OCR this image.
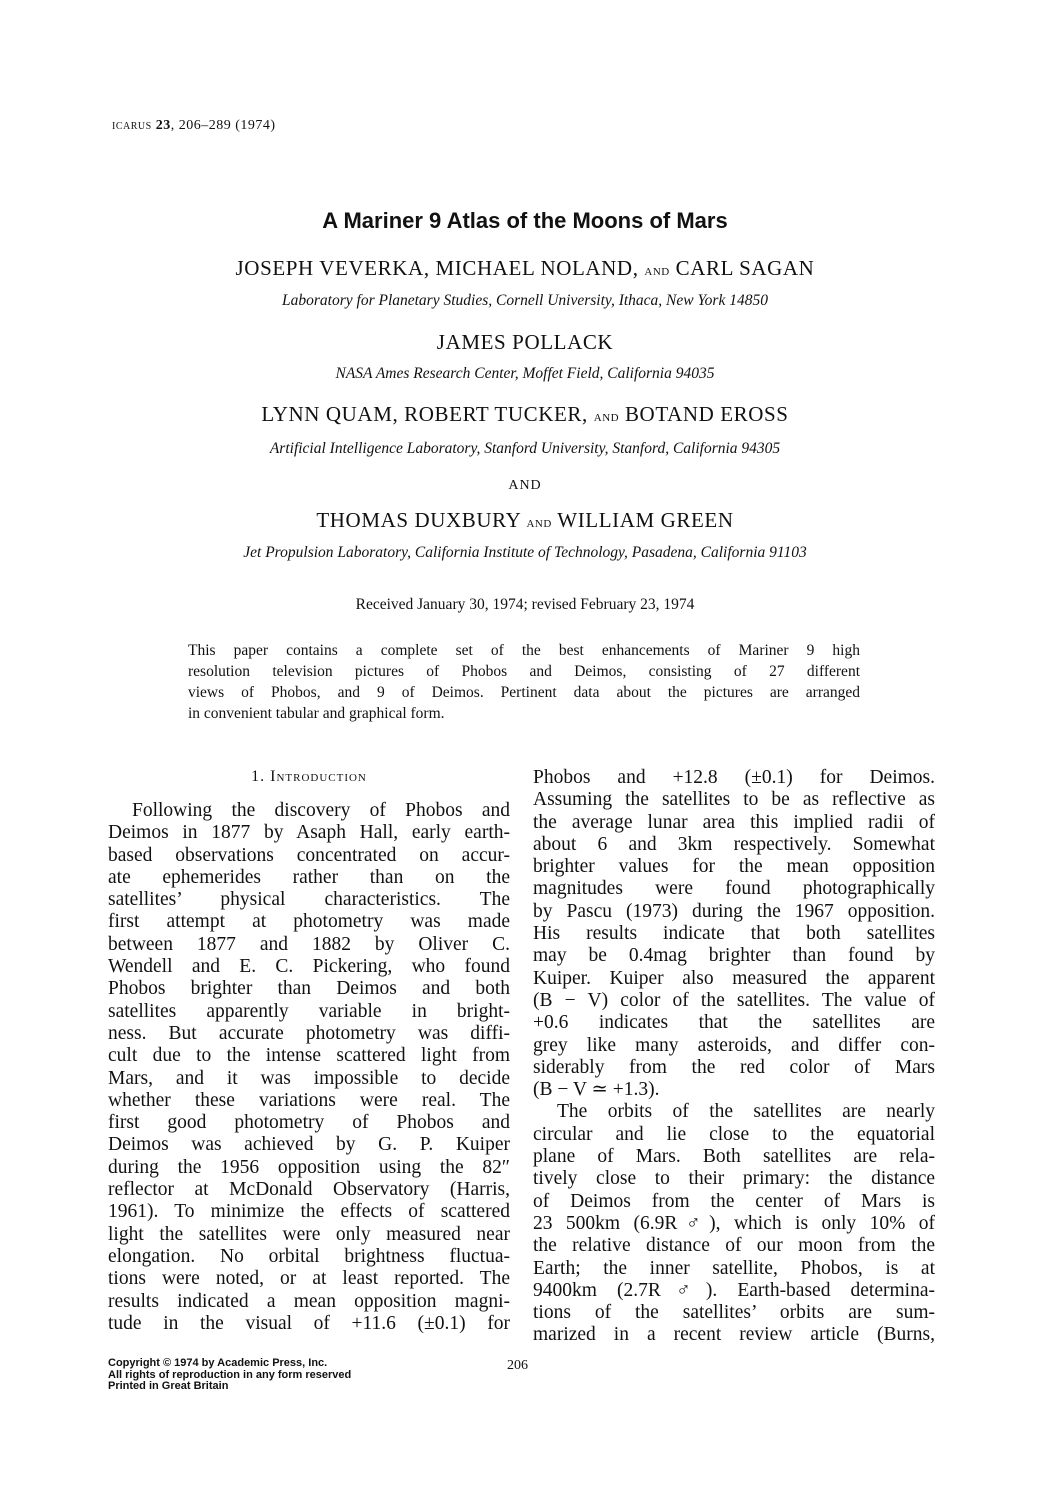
icarus 23, 206–289 (1974)
A Mariner 9 Atlas of the Moons of Mars
JOSEPH VEVERKA, MICHAEL NOLAND, and CARL SAGAN
Laboratory for Planetary Studies, Cornell University, Ithaca, New York 14850
JAMES POLLACK
NASA Ames Research Center, Moffet Field, California 94035
LYNN QUAM, ROBERT TUCKER, and BOTAND EROSS
Artificial Intelligence Laboratory, Stanford University, Stanford, California 94305
AND
THOMAS DUXBURY and WILLIAM GREEN
Jet Propulsion Laboratory, California Institute of Technology, Pasadena, California 91103
Received January 30, 1974; revised February 23, 1974
This paper contains a complete set of the best enhancements of Mariner 9 high
resolution television pictures of Phobos and Deimos, consisting of 27 different
views of Phobos, and 9 of Deimos. Pertinent data about the pictures are arranged
in convenient tabular and graphical form.
1. Introduction
Following the discovery of Phobos and
Deimos in 1877 by Asaph Hall, early earth-
based observations concentrated on accur-
ate ephemerides rather than on the
satellites’ physical characteristics. The
first attempt at photometry was made
between 1877 and 1882 by Oliver C.
Wendell and E. C. Pickering, who found
Phobos brighter than Deimos and both
satellites apparently variable in bright-
ness. But accurate photometry was diffi-
cult due to the intense scattered light from
Mars, and it was impossible to decide
whether these variations were real. The
first good photometry of Phobos and
Deimos was achieved by G. P. Kuiper
during the 1956 opposition using the 82″
reflector at McDonald Observatory (Harris,
1961). To minimize the effects of scattered
light the satellites were only measured near
elongation. No orbital brightness fluctua-
tions were noted, or at least reported. The
results indicated a mean opposition magni-
tude in the visual of +11.6 (±0.1) for
Phobos and +12.8 (±0.1) for Deimos.
Assuming the satellites to be as reflective as
the average lunar area this implied radii of
about 6 and 3km respectively. Somewhat
brighter values for the mean opposition
magnitudes were found photographically
by Pascu (1973) during the 1967 opposition.
His results indicate that both satellites
may be 0.4mag brighter than found by
Kuiper. Kuiper also measured the apparent
(B − V) color of the satellites. The value of
+0.6 indicates that the satellites are
grey like many asteroids, and differ con-
siderably from the red color of Mars
(B − V ≃ +1.3).
The orbits of the satellites are nearly
circular and lie close to the equatorial
plane of Mars. Both satellites are rela-
tively close to their primary: the distance
of Deimos from the center of Mars is
23 500km (6.9R♂), which is only 10% of
the relative distance of our moon from the
Earth; the inner satellite, Phobos, is at
9400km (2.7R♂). Earth-based determina-
tions of the satellites’ orbits are sum-
marized in a recent review article (Burns,
Copyright © 1974 by Academic Press, Inc.
All rights of reproduction in any form reserved
Printed in Great Britain
206
